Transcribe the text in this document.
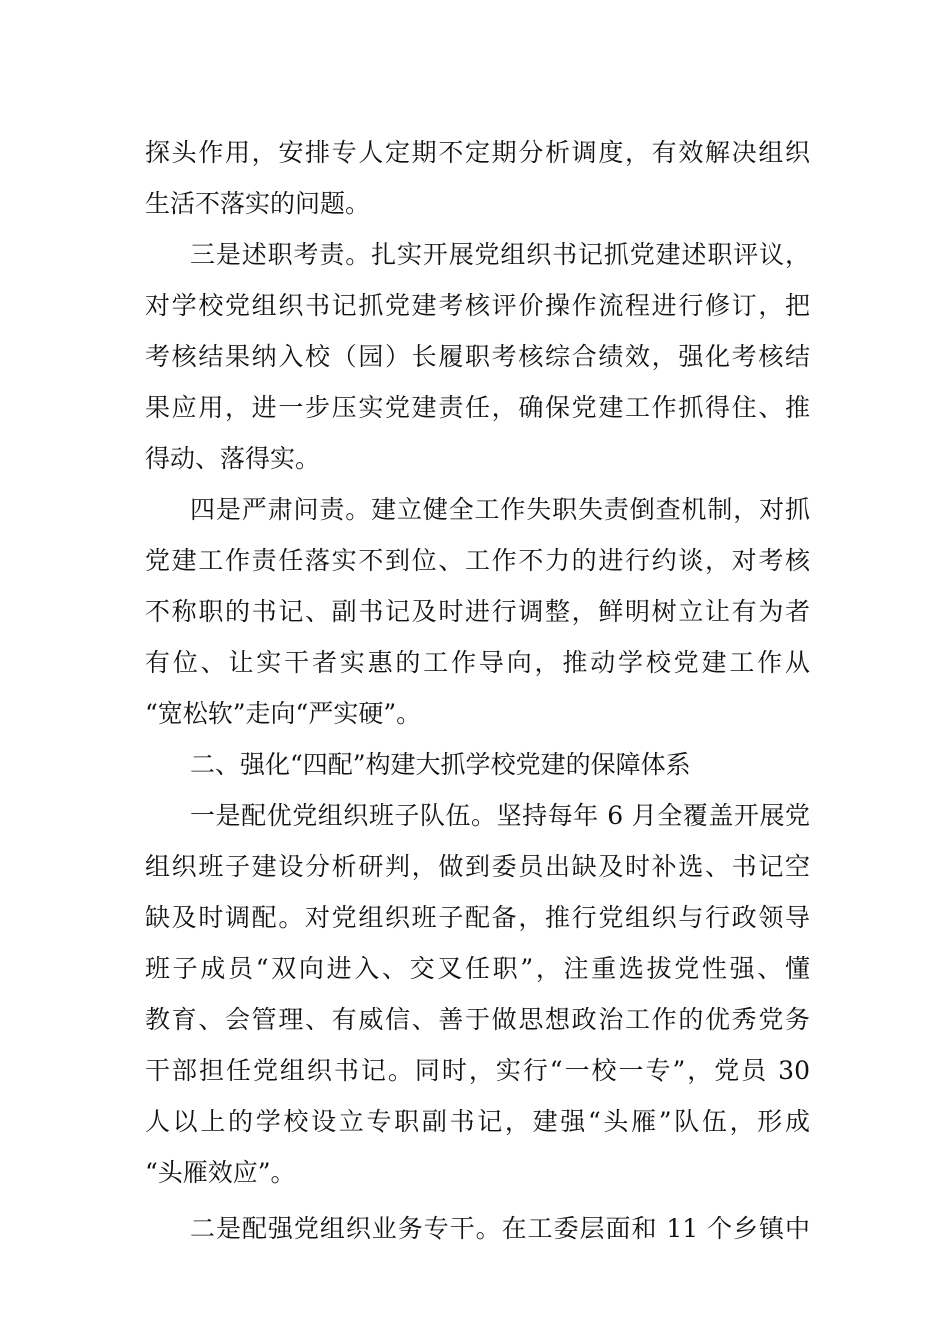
探头作用，安排专人定期不定期分析调度，有效解决组织
生活不落实的问题。
三是述职考责。扎实开展党组织书记抓党建述职评议，
对学校党组织书记抓党建考核评价操作流程进行修订，把
考核结果纳入校（园）长履职考核综合绩效，强化考核结
果应用，进一步压实党建责任，确保党建工作抓得住、推
得动、落得实。
四是严肃问责。建立健全工作失职失责倒查机制，对抓
党建工作责任落实不到位、工作不力的进行约谈，对考核
不称职的书记、副书记及时进行调整，鲜明树立让有为者
有位、让实干者实惠的工作导向，推动学校党建工作从
“宽松软”走向“严实硬”。
二、强化“四配”构建大抓学校党建的保障体系
一是配优党组织班子队伍。坚持每年 6 月全覆盖开展党
组织班子建设分析研判，做到委员出缺及时补选、书记空
缺及时调配。对党组织班子配备，推行党组织与行政领导
班子成员“双向进入、交叉任职”，注重选拔党性强、懂
教育、会管理、有威信、善于做思想政治工作的优秀党务
干部担任党组织书记。同时，实行“一校一专”，党员 30
人以上的学校设立专职副书记，建强“头雁”队伍，形成
“头雁效应”。
二是配强党组织业务专干。在工委层面和 11 个乡镇中
